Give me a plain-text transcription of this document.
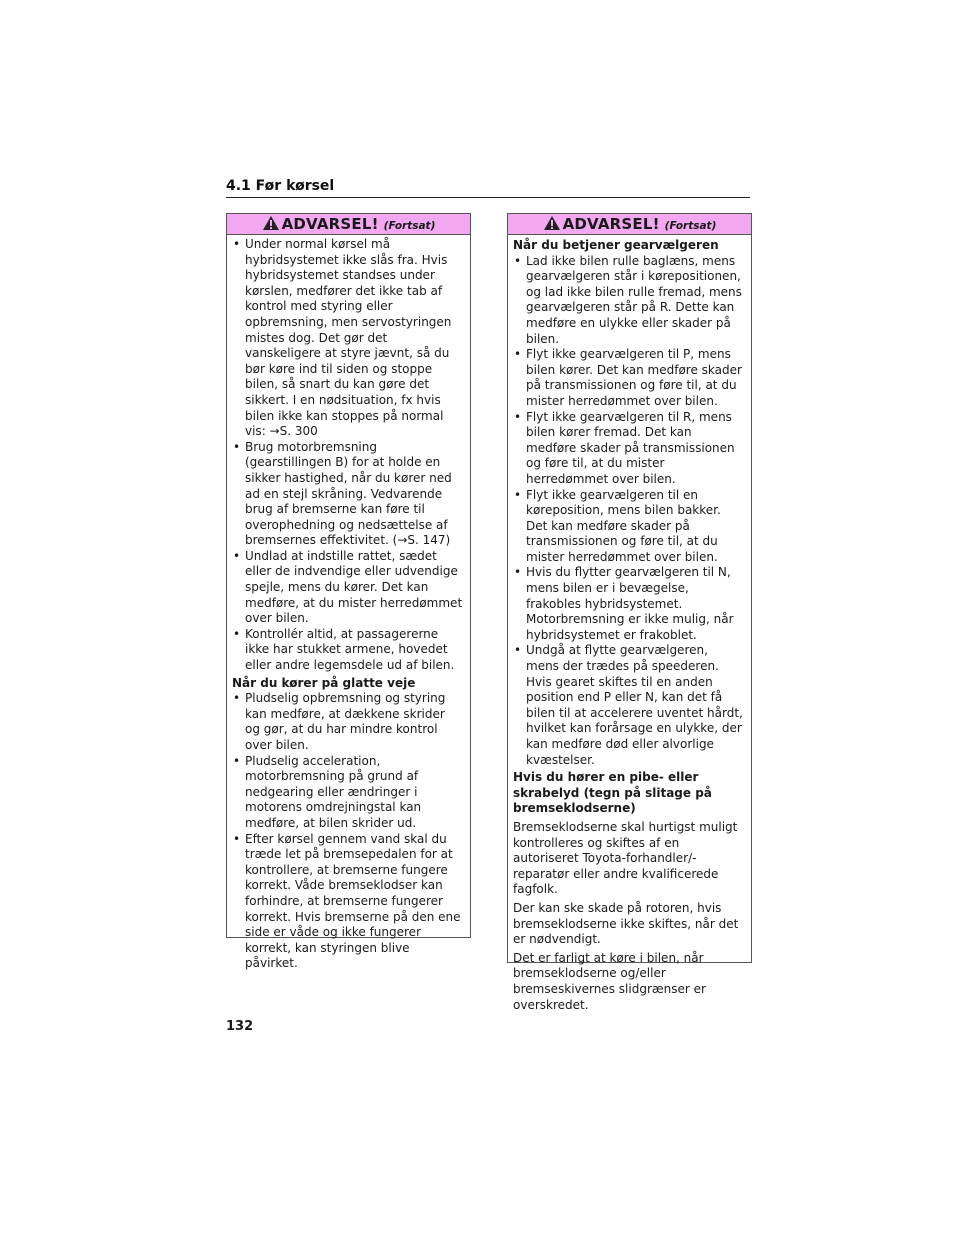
4.1 Før kørsel
ADVARSEL! (Fortsat)
• Under normal kørsel må hybridsystemet ikke slås fra. Hvis hybridsystemet standses under kørslen, medfører det ikke tab af kontrol med styring eller opbremsning, men servostyringen mistes dog. Det gør det vanskeligere at styre jævnt, så du bør køre ind til siden og stoppe bilen, så snart du kan gøre det sikkert. I en nødsituation, fx hvis bilen ikke kan stoppes på normal vis: →S. 300
• Brug motorbremsning (gearstillingen B) for at holde en sikker hastighed, når du kører ned ad en stejl skråning. Vedvarende brug af bremserne kan føre til overophedning og nedsættelse af bremsernes effektivitet. (→S. 147)
• Undlad at indstille rattet, sædet eller de indvendige eller udvendige spejle, mens du kører. Det kan medføre, at du mister herredømmet over bilen.
• Kontrollér altid, at passagererne ikke har stukket armene, hovedet eller andre legemsdele ud af bilen.
Når du kører på glatte veje
• Pludselig opbremsning og styring kan medføre, at dækkene skrider og gør, at du har mindre kontrol over bilen.
• Pludselig acceleration, motorbremsning på grund af nedgearing eller ændringer i motorens omdrejningstal kan medføre, at bilen skrider ud.
• Efter kørsel gennem vand skal du træde let på bremsepedalen for at kontrollere, at bremserne fungere korrekt. Våde bremseklodser kan forhindre, at bremserne fungerer korrekt. Hvis bremserne på den ene side er våde og ikke fungerer korrekt, kan styringen blive påvirket.
ADVARSEL! (Fortsat)
Når du betjener gearvælgeren
• Lad ikke bilen rulle baglæns, mens gearvælgeren står i kørepositionen, og lad ikke bilen rulle fremad, mens gearvælgeren står på R. Dette kan medføre en ulykke eller skader på bilen.
• Flyt ikke gearvælgeren til P, mens bilen kører. Det kan medføre skader på transmissionen og føre til, at du mister herredømmet over bilen.
• Flyt ikke gearvælgeren til R, mens bilen kører fremad. Det kan medføre skader på transmissionen og føre til, at du mister herredømmet over bilen.
• Flyt ikke gearvælgeren til en køreposition, mens bilen bakker. Det kan medføre skader på transmissionen og føre til, at du mister herredømmet over bilen.
• Hvis du flytter gearvælgeren til N, mens bilen er i bevægelse, frakobles hybridsystemet. Motorbremsning er ikke mulig, når hybridsystemet er frakoblet.
• Undgå at flytte gearvælgeren, mens der trædes på speederen. Hvis gearet skiftes til en anden position end P eller N, kan det få bilen til at accelerere uventet hårdt, hvilket kan forårsage en ulykke, der kan medføre død eller alvorlige kvæstelser.
Hvis du hører en pibe- eller skrabelyd (tegn på slitage på bremseklodserne)

Bremseklodserne skal hurtigst muligt kontrolleres og skiftes af en autoriseret Toyota-forhandler/-reparatør eller andre kvalificerede fagfolk.

Der kan ske skade på rotoren, hvis bremseklodserne ikke skiftes, når det er nødvendigt.

Det er farligt at køre i bilen, når bremseklodserne og/eller bremseskivernes slidgrænser er overskredet.

132
